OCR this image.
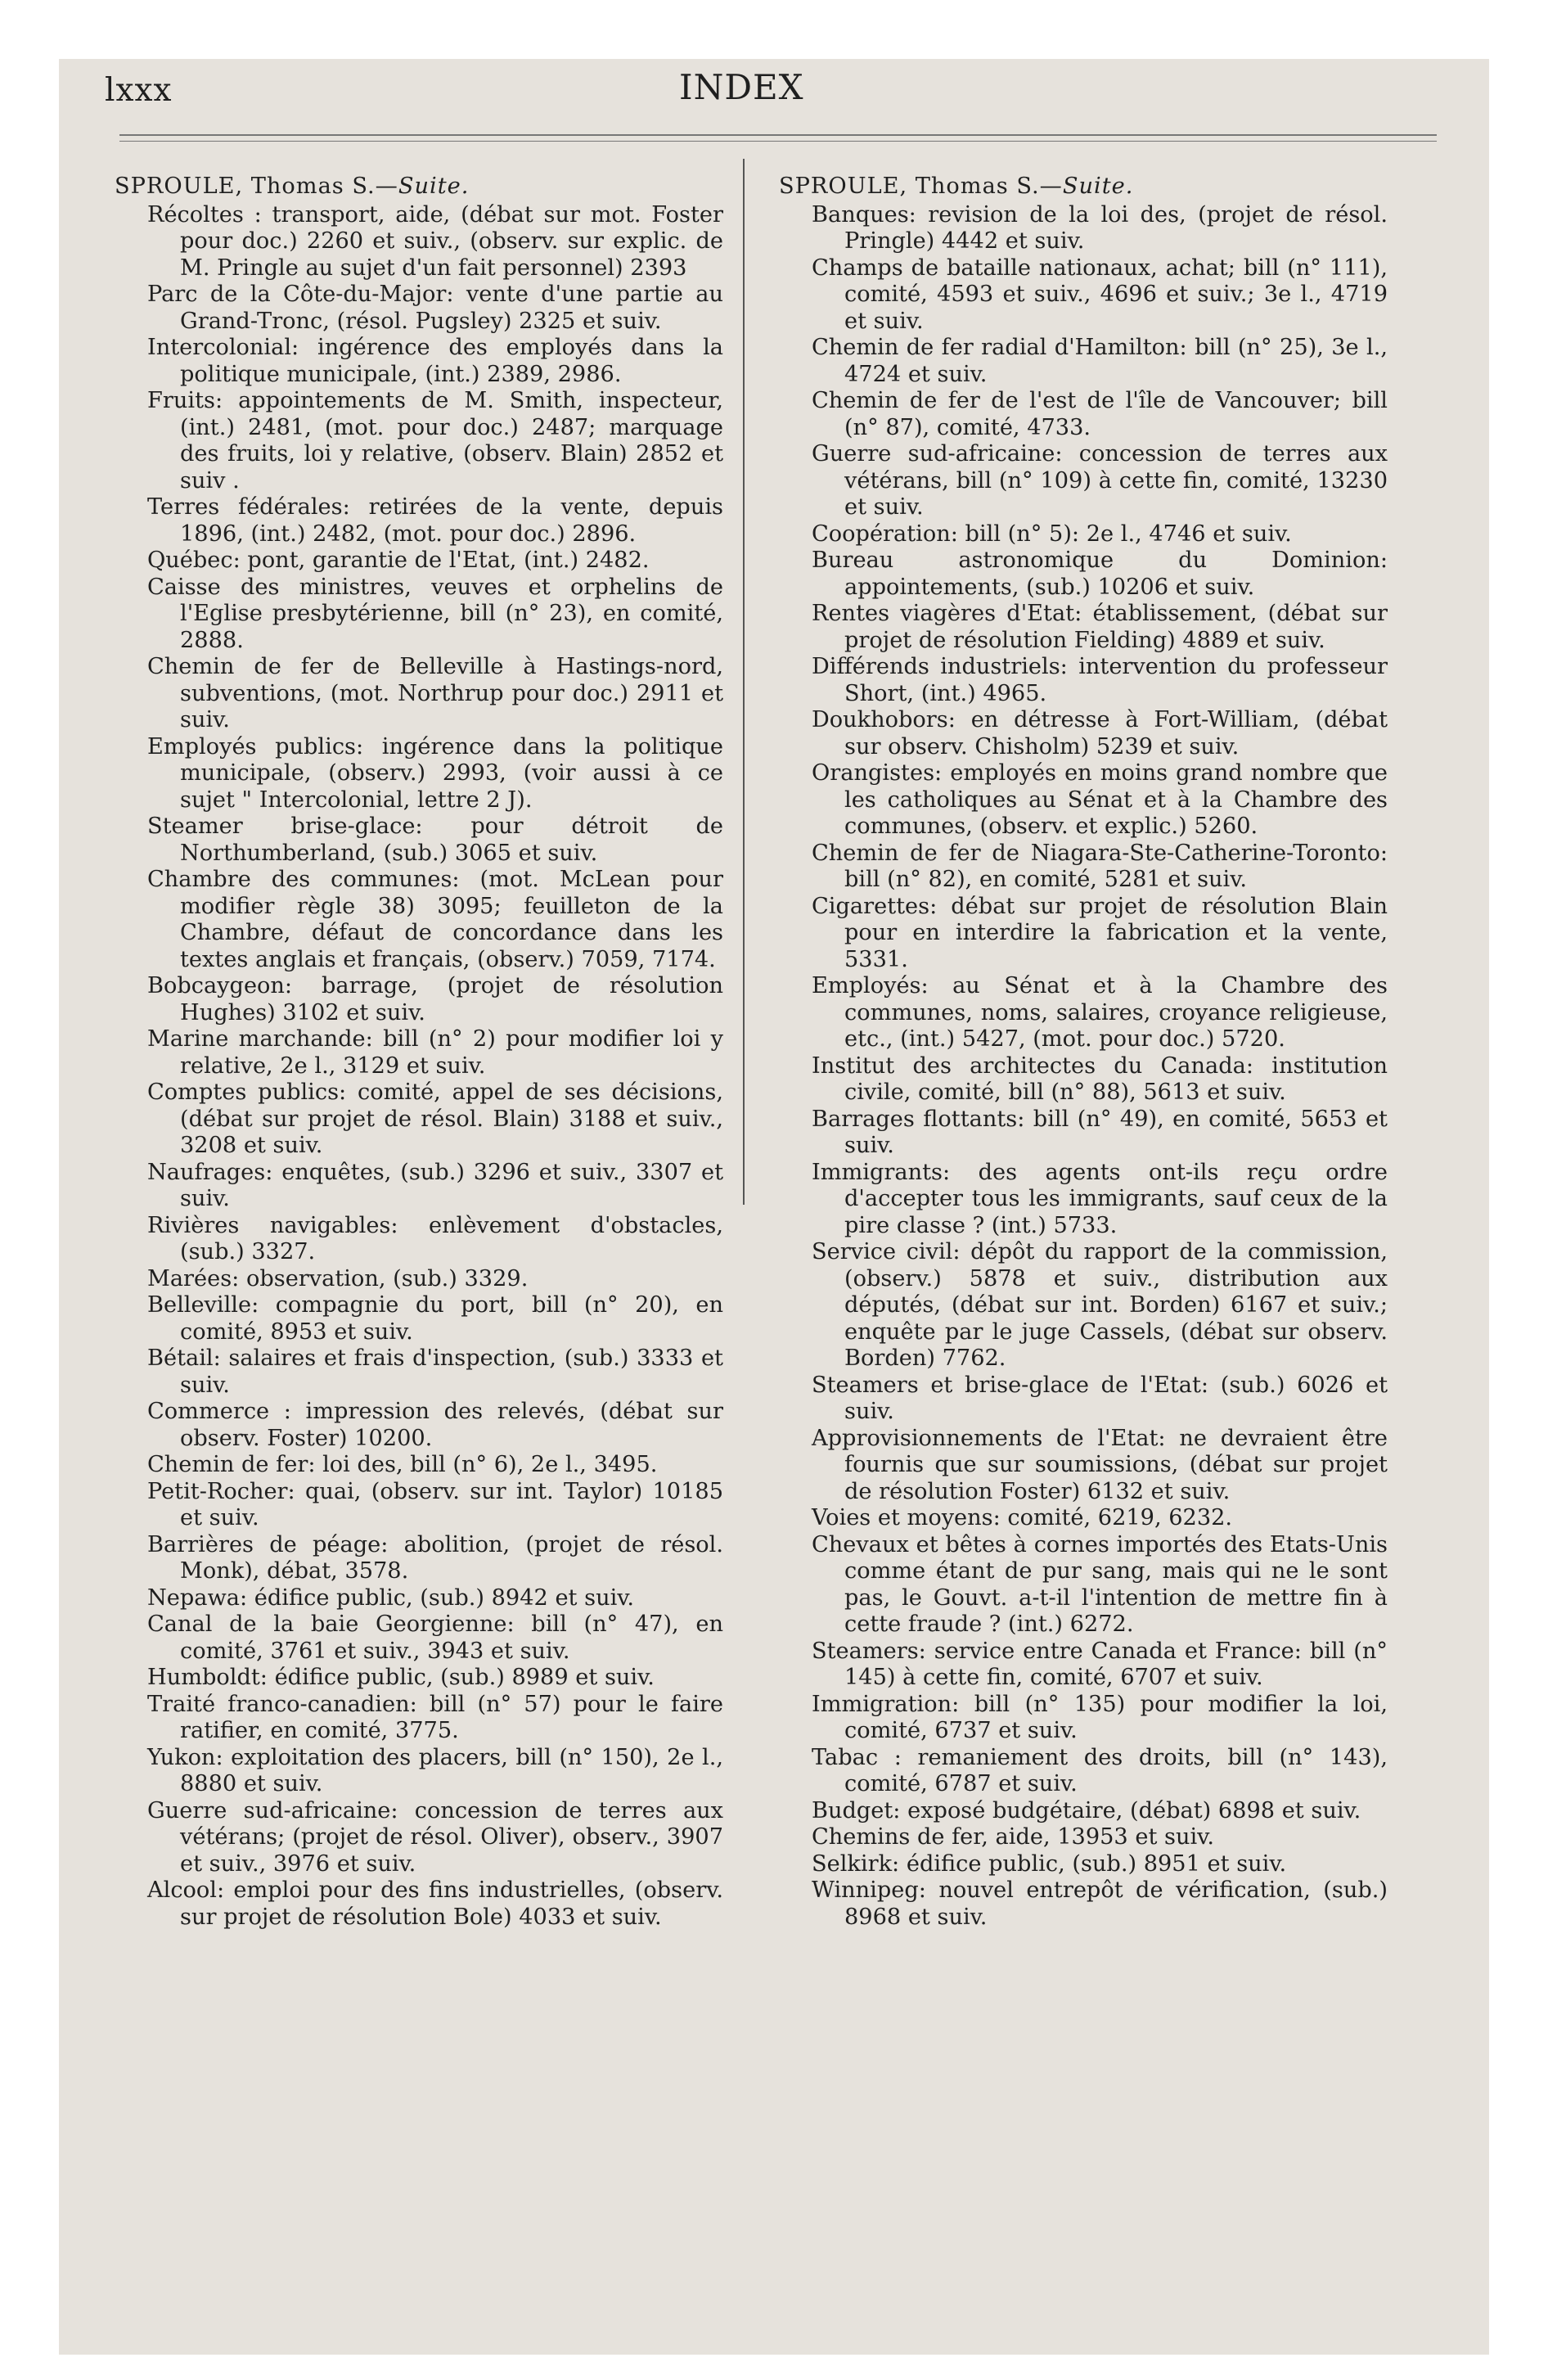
lxxx	INDEX

SPROULE, Thomas S.—Suite.

Récoltes : transport, aide, (débat sur mot. Foster pour doc.) 2260 et suiv., (observ. sur explic. de M. Pringle au sujet d'un fait personnel) 2393

Parc de la Côte-du-Major: vente d'une partie au Grand-Tronc, (résol. Pugsley) 2325 et suiv.

Intercolonial: ingérence des employés dans la politique municipale, (int.) 2389, 2986.

Fruits: appointements de M. Smith, inspecteur, (int.) 2481, (mot. pour doc.) 2487; marquage des fruits, loi y relative, (observ. Blain) 2852 et suiv .

Terres fédérales: retirées de la vente, depuis 1896, (int.) 2482, (mot. pour doc.) 2896.

Québec: pont, garantie de l'Etat, (int.) 2482.

Caisse des ministres, veuves et orphelins de l'Eglise presbytérienne, bill (n° 23), en comité, 2888.

Chemin de fer de Belleville à Hastings-nord, subventions, (mot. Northrup pour doc.) 2911 et suiv.

Employés publics: ingérence dans la politique municipale, (observ.) 2993, (voir aussi à ce sujet " Intercolonial, lettre 2 J).

Steamer brise-glace: pour détroit de Northumberland, (sub.) 3065 et suiv.

Chambre des communes: (mot. McLean pour modifier règle 38) 3095; feuilleton de la Chambre, défaut de concordance dans les textes anglais et français, (observ.) 7059, 7174.

Bobcaygeon: barrage, (projet de résolution Hughes) 3102 et suiv.

Marine marchande: bill (n° 2) pour modifier loi y relative, 2e l., 3129 et suiv.

Comptes publics: comité, appel de ses décisions, (débat sur projet de résol. Blain) 3188 et suiv., 3208 et suiv.

Naufrages: enquêtes, (sub.) 3296 et suiv., 3307 et suiv.

Rivières navigables: enlèvement d'obstacles, (sub.) 3327.

Marées: observation, (sub.) 3329.

Belleville: compagnie du port, bill (n° 20), en comité, 8953 et suiv.

Bétail: salaires et frais d'inspection, (sub.) 3333 et suiv.

Commerce : impression des relevés, (débat sur observ. Foster) 10200.

Chemin de fer: loi des, bill (n° 6), 2e l., 3495.

Petit-Rocher: quai, (observ. sur int. Taylor) 10185 et suiv.

Barrières de péage: abolition, (projet de résol. Monk), débat, 3578.

Nepawa: édifice public, (sub.) 8942 et suiv.

Canal de la baie Georgienne: bill (n° 47), en comité, 3761 et suiv., 3943 et suiv.

Humboldt: édifice public, (sub.) 8989 et suiv.

Traité franco-canadien: bill (n° 57) pour le faire ratifier, en comité, 3775.

Yukon: exploitation des placers, bill (n° 150), 2e l., 8880 et suiv.

Guerre sud-africaine: concession de terres aux vétérans; (projet de résol. Oliver), observ., 3907 et suiv., 3976 et suiv.

Alcool: emploi pour des fins industrielles, (observ. sur projet de résolution Bole) 4033 et suiv.

SPROULE, Thomas S.—Suite.

Banques: revision de la loi des, (projet de résol. Pringle) 4442 et suiv.

Champs de bataille nationaux, achat; bill (n° 111), comité, 4593 et suiv., 4696 et suiv.; 3e l., 4719 et suiv.

Chemin de fer radial d'Hamilton: bill (n° 25), 3e l., 4724 et suiv.

Chemin de fer de l'est de l'île de Vancouver; bill (n° 87), comité, 4733.

Guerre sud-africaine: concession de terres aux vétérans, bill (n° 109) à cette fin, comité, 13230 et suiv.

Coopération: bill (n° 5): 2e l., 4746 et suiv.

Bureau astronomique du Dominion: appointements, (sub.) 10206 et suiv.

Rentes viagères d'Etat: établissement, (débat sur projet de résolution Fielding) 4889 et suiv.

Différends industriels: intervention du professeur Short, (int.) 4965.

Doukhobors: en détresse à Fort-William, (débat sur observ. Chisholm) 5239 et suiv.

Orangistes: employés en moins grand nombre que les catholiques au Sénat et à la Chambre des communes, (observ. et explic.) 5260.

Chemin de fer de Niagara-Ste-Catherine-Toronto: bill (n° 82), en comité, 5281 et suiv.

Cigarettes: débat sur projet de résolution Blain pour en interdire la fabrication et la vente, 5331.

Employés: au Sénat et à la Chambre des communes, noms, salaires, croyance religieuse, etc., (int.) 5427, (mot. pour doc.) 5720.

Institut des architectes du Canada: institution civile, comité, bill (n° 88), 5613 et suiv.

Barrages flottants: bill (n° 49), en comité, 5653 et suiv.

Immigrants: des agents ont-ils reçu ordre d'accepter tous les immigrants, sauf ceux de la pire classe ? (int.) 5733.

Service civil: dépôt du rapport de la commission, (observ.) 5878 et suiv., distribution aux députés, (débat sur int. Borden) 6167 et suiv.; enquête par le juge Cassels, (débat sur observ. Borden) 7762.

Steamers et brise-glace de l'Etat: (sub.) 6026 et suiv.

Approvisionnements de l'Etat: ne devraient être fournis que sur soumissions, (débat sur projet de résolution Foster) 6132 et suiv.

Voies et moyens: comité, 6219, 6232.

Chevaux et bêtes à cornes importés des Etats-Unis comme étant de pur sang, mais qui ne le sont pas, le Gouvt. a-t-il l'intention de mettre fin à cette fraude ? (int.) 6272.

Steamers: service entre Canada et France: bill (n° 145) à cette fin, comité, 6707 et suiv.

Immigration: bill (n° 135) pour modifier la loi, comité, 6737 et suiv.

Tabac : remaniement des droits, bill (n° 143), comité, 6787 et suiv.

Budget: exposé budgétaire, (débat) 6898 et suiv.

Chemins de fer, aide, 13953 et suiv.

Selkirk: édifice public, (sub.) 8951 et suiv.

Winnipeg: nouvel entrepôt de vérification, (sub.) 8968 et suiv.
